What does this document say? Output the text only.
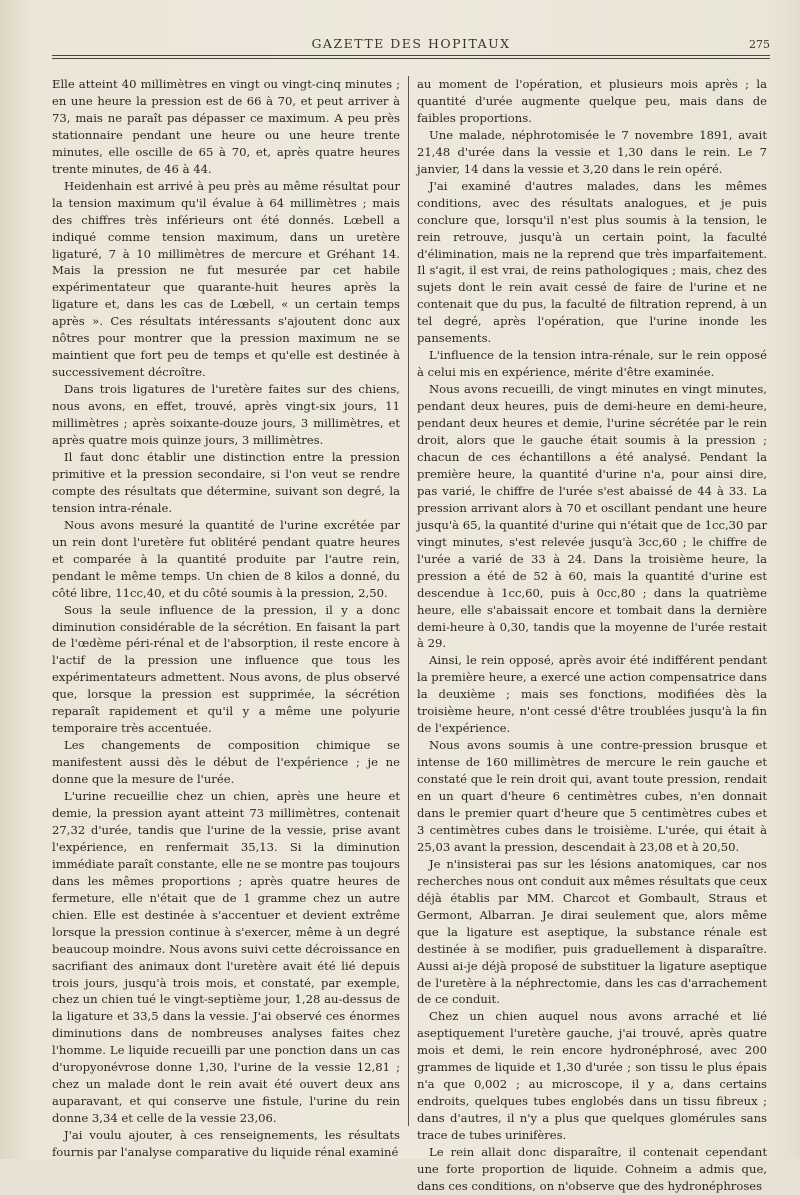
GAZETTE DES HOPITAUX	275

Elle atteint 40 millimètres en vingt ou vingt-cinq minutes ; en une heure la pression est de 66 à 70, et peut arriver à 73, mais ne paraît pas dépasser ce maximum. A peu près stationnaire pendant une heure ou une heure trente minutes, elle oscille de 65 à 70, et, après quatre heures trente minutes, de 46 à 44.

Heidenhain est arrivé à peu près au même résultat pour la tension maximum qu'il évalue à 64 millimètres ; mais des chiffres très inférieurs ont été donnés. Lœbell a indiqué comme tension maximum, dans un uretère ligaturé, 7 à 10 millimètres de mercure et Gréhant 14. Mais la pression ne fut mesurée par cet habile expérimentateur que quarante-huit heures après la ligature et, dans les cas de Lœbell, « un certain temps après ». Ces résultats intéressants s'ajoutent donc aux nôtres pour montrer que la pression maximum ne se maintient que fort peu de temps et qu'elle est destinée à successivement décroître.

Dans trois ligatures de l'uretère faites sur des chiens, nous avons, en effet, trouvé, après vingt-six jours, 11 millimètres ; après soixante-douze jours, 3 millimètres, et après quatre mois quinze jours, 3 millimètres.

Il faut donc établir une distinction entre la pression primitive et la pression secondaire, si l'on veut se rendre compte des résultats que détermine, suivant son degré, la tension intra-rénale.

Nous avons mesuré la quantité de l'urine excrétée par un rein dont l'uretère fut oblitéré pendant quatre heures et comparée à la quantité produite par l'autre rein, pendant le même temps. Un chien de 8 kilos a donné, du côté libre, 11cc,40, et du côté soumis à la pression, 2,50.

Sous la seule influence de la pression, il y a donc diminution considérable de la sécrétion. En faisant la part de l'œdème péri-rénal et de l'absorption, il reste encore à l'actif de la pression une influence que tous les expérimentateurs admettent. Nous avons, de plus observé que, lorsque la pression est supprimée, la sécrétion reparaît rapidement et qu'il y a même une polyurie temporaire très accentuée.

Les changements de composition chimique se manifestent aussi dès le début de l'expérience ; je ne donne que la mesure de l'urée.

L'urine recueillie chez un chien, après une heure et demie, la pression ayant atteint 73 millimètres, contenait 27,32 d'urée, tandis que l'urine de la vessie, prise avant l'expérience, en renfermait 35,13. Si la diminution immédiate paraît constante, elle ne se montre pas toujours dans les mêmes proportions ; après quatre heures de fermeture, elle n'était que de 1 gramme chez un autre chien. Elle est destinée à s'accentuer et devient extrême lorsque la pression continue à s'exercer, même à un degré beaucoup moindre. Nous avons suivi cette décroissance en sacrifiant des animaux dont l'uretère avait été lié depuis trois jours, jusqu'à trois mois, et constaté, par exemple, chez un chien tué le vingt-septième jour, 1,28 au-dessus de la ligature et 33,5 dans la vessie. J'ai observé ces énormes diminutions dans de nombreuses analyses faites chez l'homme. Le liquide recueilli par une ponction dans un cas d'uropyonévrose donne 1,30, l'urine de la vessie 12,81 ; chez un malade dont le rein avait été ouvert deux ans auparavant, et qui conserve une fistule, l'urine du rein donne 3,34 et celle de la vessie 23,06.

J'ai voulu ajouter, à ces renseignements, les résultats fournis par l'analyse comparative du liquide rénal examiné

au moment de l'opération, et plusieurs mois après ; la quantité d'urée augmente quelque peu, mais dans de faibles proportions.

Une malade, néphrotomisée le 7 novembre 1891, avait 21,48 d'urée dans la vessie et 1,30 dans le rein. Le 7 janvier, 14 dans la vessie et 3,20 dans le rein opéré.

J'ai examiné d'autres malades, dans les mêmes conditions, avec des résultats analogues, et je puis conclure que, lorsqu'il n'est plus soumis à la tension, le rein retrouve, jusqu'à un certain point, la faculté d'élimination, mais ne la reprend que très imparfaitement. Il s'agit, il est vrai, de reins pathologiques ; mais, chez des sujets dont le rein avait cessé de faire de l'urine et ne contenait que du pus, la faculté de filtration reprend, à un tel degré, après l'opération, que l'urine inonde les pansements.

L'influence de la tension intra-rénale, sur le rein opposé à celui mis en expérience, mérite d'être examinée.

Nous avons recueilli, de vingt minutes en vingt minutes, pendant deux heures, puis de demi-heure en demi-heure, pendant deux heures et demie, l'urine sécrétée par le rein droit, alors que le gauche était soumis à la pression ; chacun de ces échantillons a été analysé. Pendant la première heure, la quantité d'urine n'a, pour ainsi dire, pas varié, le chiffre de l'urée s'est abaissé de 44 à 33. La pression arrivant alors à 70 et oscillant pendant une heure jusqu'à 65, la quantité d'urine qui n'était que de 1cc,30 par vingt minutes, s'est relevée jusqu'à 3cc,60 ; le chiffre de l'urée a varié de 33 à 24. Dans la troisième heure, la pression a été de 52 à 60, mais la quantité d'urine est descendue à 1cc,60, puis à 0cc,80 ; dans la quatrième heure, elle s'abaissait encore et tombait dans la dernière demi-heure à 0,30, tandis que la moyenne de l'urée restait à 29.

Ainsi, le rein opposé, après avoir été indifférent pendant la première heure, a exercé une action compensatrice dans la deuxième ; mais ses fonctions, modifiées dès la troisième heure, n'ont cessé d'être troublées jusqu'à la fin de l'expérience.

Nous avons soumis à une contre-pression brusque et intense de 160 millimètres de mercure le rein gauche et constaté que le rein droit qui, avant toute pression, rendait en un quart d'heure 6 centimètres cubes, n'en donnait dans le premier quart d'heure que 5 centimètres cubes et 3 centimètres cubes dans le troisième. L'urée, qui était à 25,03 avant la pression, descendait à 23,08 et à 20,50.

Je n'insisterai pas sur les lésions anatomiques, car nos recherches nous ont conduit aux mêmes résultats que ceux déjà établis par MM. Charcot et Gombault, Straus et Germont, Albarran. Je dirai seulement que, alors même que la ligature est aseptique, la substance rénale est destinée à se modifier, puis graduellement à disparaître. Aussi ai-je déjà proposé de substituer la ligature aseptique de l'uretère à la néphrectomie, dans les cas d'arrachement de ce conduit.

Chez un chien auquel nous avons arraché et lié aseptiquement l'uretère gauche, j'ai trouvé, après quatre mois et demi, le rein encore hydronéphrosé, avec 200 grammes de liquide et 1,30 d'urée ; son tissu le plus épais n'a que 0,002 ; au microscope, il y a, dans certains endroits, quelques tubes englobés dans un tissu fibreux ; dans d'autres, il n'y a plus que quelques glomérules sans trace de tubes urinifères.

Le rein allait donc disparaître, il contenait cependant une forte proportion de liquide. Cohneim a admis que, dans ces conditions, on n'observe que des hydronéphroses
